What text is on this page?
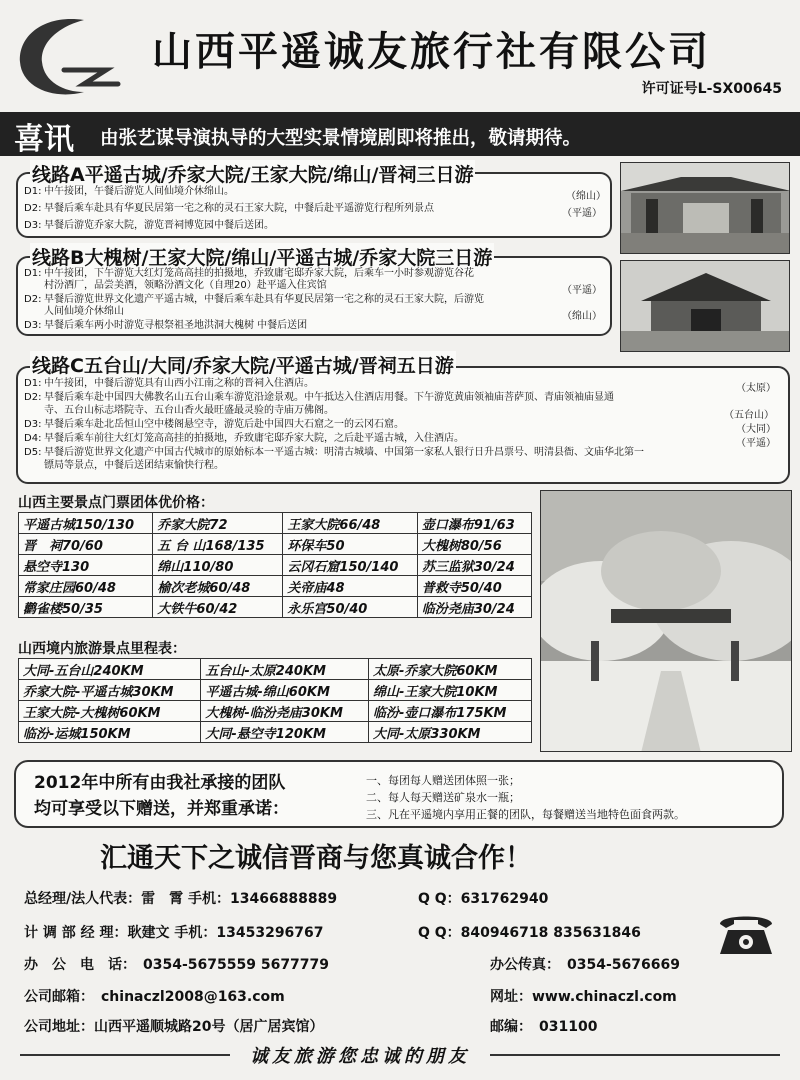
山西平遥诚友旅行社有限公司
许可证号L-SX00645
喜讯 由张艺谋导演执导的大型实景情境剧即将推出，敬请期待。
线路A平遥古城/乔家大院/王家大院/绵山/晋祠三日游
D1: 中午接团，午餐后游览人间仙境介休绵山。	（绵山）
D2: 早餐后乘车赴具有华夏民居第一宅之称的灵石王家大院，中餐后赴平遥游览行程所列景点	（平遥）
D3: 早餐后游览乔家大院，游览晋祠博览园中餐后送团。
线路B大槐树/王家大院/绵山/平遥古城/乔家大院三日游
D1: 中午接团，下午游览大红灯笼高高挂的拍摄地，乔致庸宅邸乔家大院，后乘车一小时参观游览谷花
村汾酒厂，品尝美酒，领略汾酒文化（自理20）赴平遥入住宾馆	（平遥）
D2: 早餐后游览世界文化遗产平遥古城，中餐后乘车赴具有华夏民居第一宅之称的灵石王家大院，后游览
人间仙境介休绵山	（绵山）
D3: 早餐后乘车两小时游览寻根祭祖圣地洪洞大槐树 中餐后送团
线路C五台山/大同/乔家大院/平遥古城/晋祠五日游
D1: 中午接团，中餐后游览具有山西小江南之称的晋祠入住酒店。	（太原）
D2: 早餐后乘车赴中国四大佛教名山五台山乘车游览沿途景观。中午抵达入住酒店用餐。下午游览黄庙领袖庙菩萨顶、青庙领袖庙显通
寺、五台山标志塔院寺、五台山香火最旺盛最灵验的寺庙万佛阁。	（五台山）
D3: 早餐后乘车赴北岳恒山空中楼阁悬空寺，游览后赴中国四大石窟之一的云冈石窟。	（大同）
D4: 早餐后乘车前往大红灯笼高高挂的拍摄地，乔致庸宅邸乔家大院，之后赴平遥古城，入住酒店。	（平遥）
D5: 早餐后游览世界文化遗产中国古代城市的原始标本一平遥古城：明清古城墙、中国第一家私人银行日升昌票号、明清县衙、文庙华北第一
镖局等景点，中餐后送团结束愉快行程。
山西主要景点门票团体优价格：
平遥古城150/130	乔家大院72	王家大院66/48	壶口瀑布91/63
晋　祠70/60	五 台 山168/135	环保车50	大槐树80/56
悬空寺130	绵山110/80	云冈石窟150/140	苏三监狱30/24
常家庄园60/48	榆次老城60/48	关帝庙48	普救寺50/40
鹳雀楼50/35	大铁牛60/42	永乐宫50/40	临汾尧庙30/24
山西境内旅游景点里程表：
大同-五台山240KM	五台山-太原240KM	太原-乔家大院60KM
乔家大院-平遥古城30KM	平遥古城-绵山60KM	绵山-王家大院10KM
王家大院-大槐树60KM	大槐树-临汾尧庙30KM	临汾-壶口瀑布175KM
临汾-运城150KM	大同-悬空寺120KM	大同-太原330KM
2012年中所有由我社承接的团队
均可享受以下赠送，并郑重承诺：
一、每团每人赠送团体照一张；
二、每人每天赠送矿泉水一瓶；
三、凡在平遥境内享用正餐的团队，每餐赠送当地特色面食两款。
汇通天下之诚信晋商与您真诚合作！
总经理/法人代表：雷　霄 手机：13466888889	Q Q：631762940
计 调 部 经 理：耿建文 手机：13453296767	Q Q：840946718 835631846
办　公　电　话：　0354-5675559 5677779	办公传真：　0354-5676669
公司邮箱：　chinaczl2008@163.com	网址：www.chinaczl.com
公司地址：山西平遥顺城路20号（居广居宾馆）	邮编：　031100
诚友旅游您忠诚的朋友
